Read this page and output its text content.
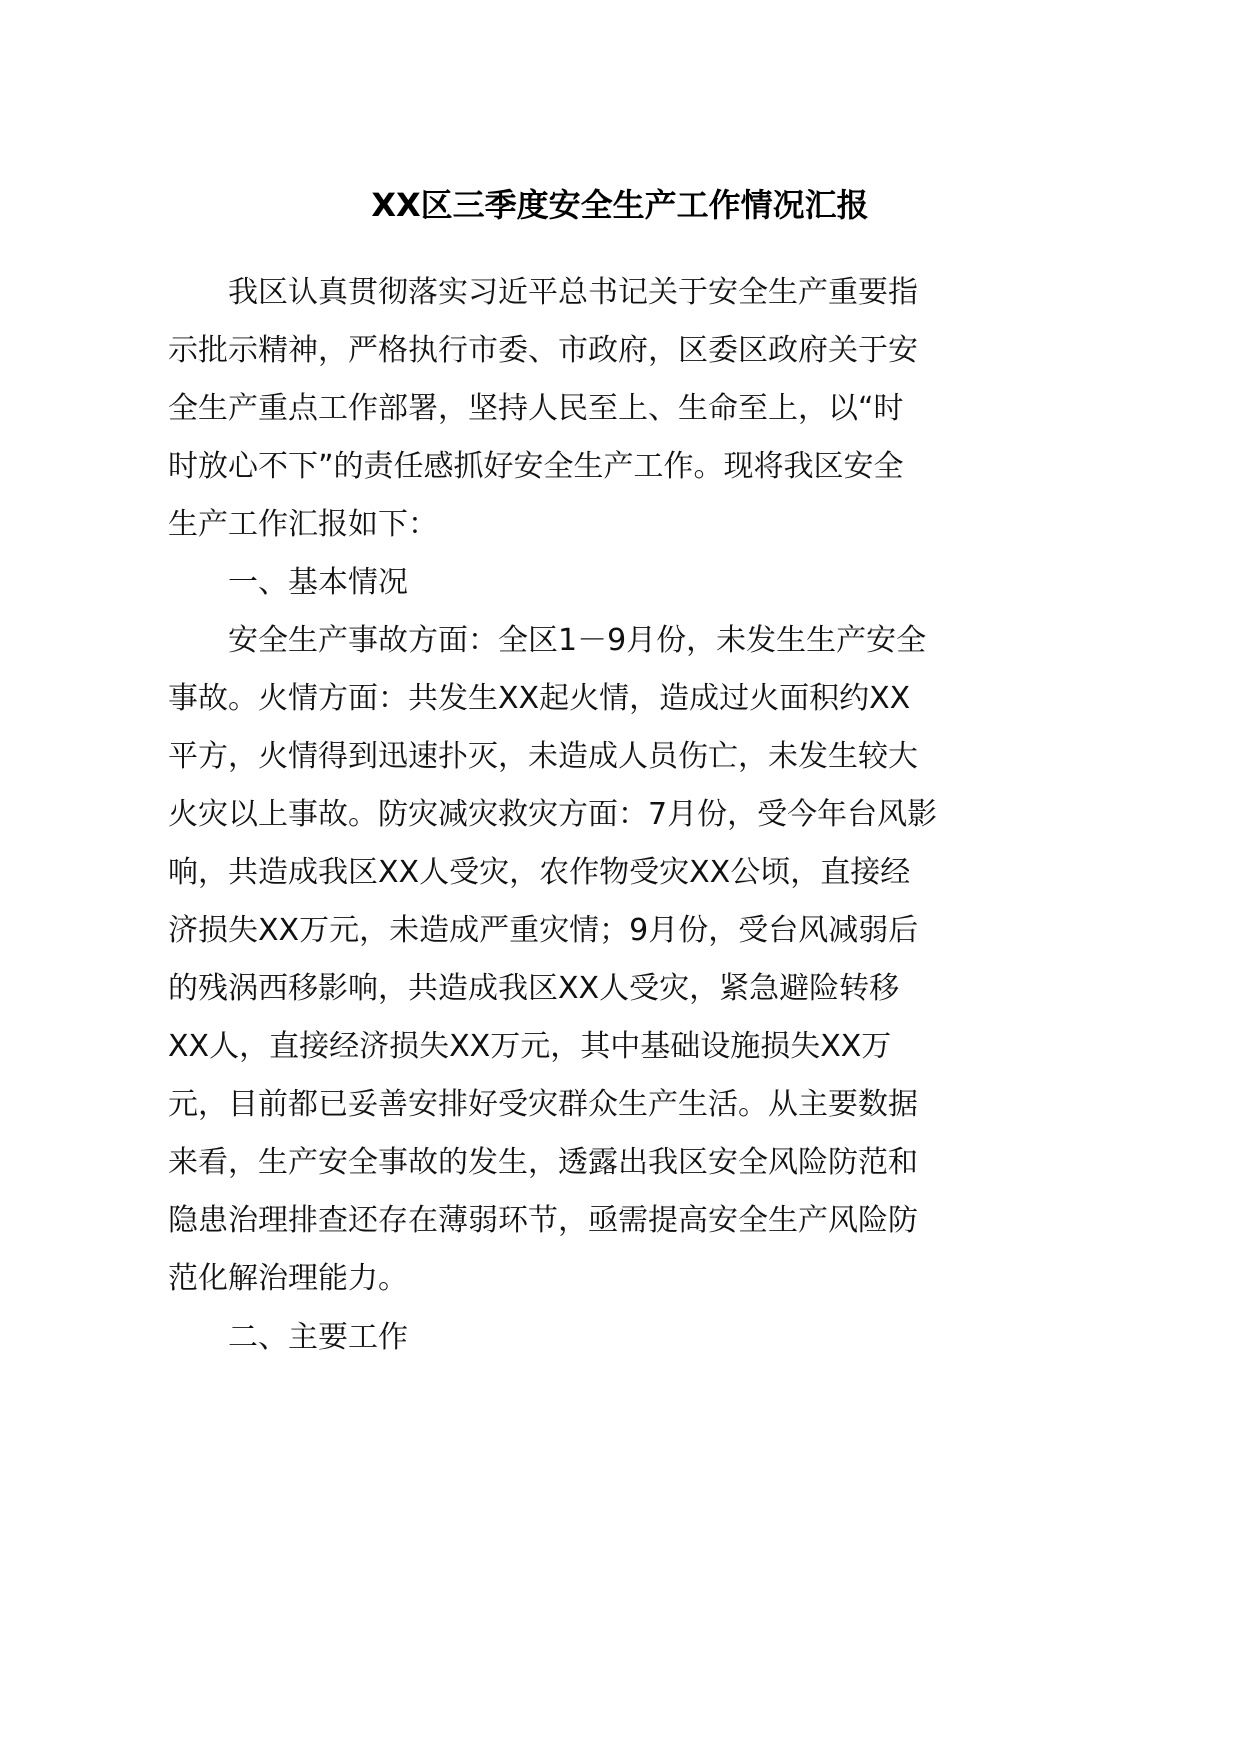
XX区三季度安全生产工作情况汇报
我区认真贯彻落实习近平总书记关于安全生产重要指
示批示精神，严格执行市委、市政府，区委区政府关于安
全生产重点工作部署，坚持人民至上、生命至上，以“时
时放心不下”的责任感抓好安全生产工作。现将我区安全
生产工作汇报如下：
一、基本情况
安全生产事故方面：全区1－9月份，未发生生产安全
事故。火情方面：共发生XX起火情，造成过火面积约XX
平方，火情得到迅速扑灭，未造成人员伤亡，未发生较大
火灾以上事故。防灾减灾救灾方面：7月份，受今年台风影
响，共造成我区XX人受灾，农作物受灾XX公顷，直接经
济损失XX万元，未造成严重灾情；9月份，受台风减弱后
的残涡西移影响，共造成我区XX人受灾，紧急避险转移
XX人，直接经济损失XX万元，其中基础设施损失XX万
元，目前都已妥善安排好受灾群众生产生活。从主要数据
来看，生产安全事故的发生，透露出我区安全风险防范和
隐患治理排查还存在薄弱环节，亟需提高安全生产风险防
范化解治理能力。
二、主要工作
